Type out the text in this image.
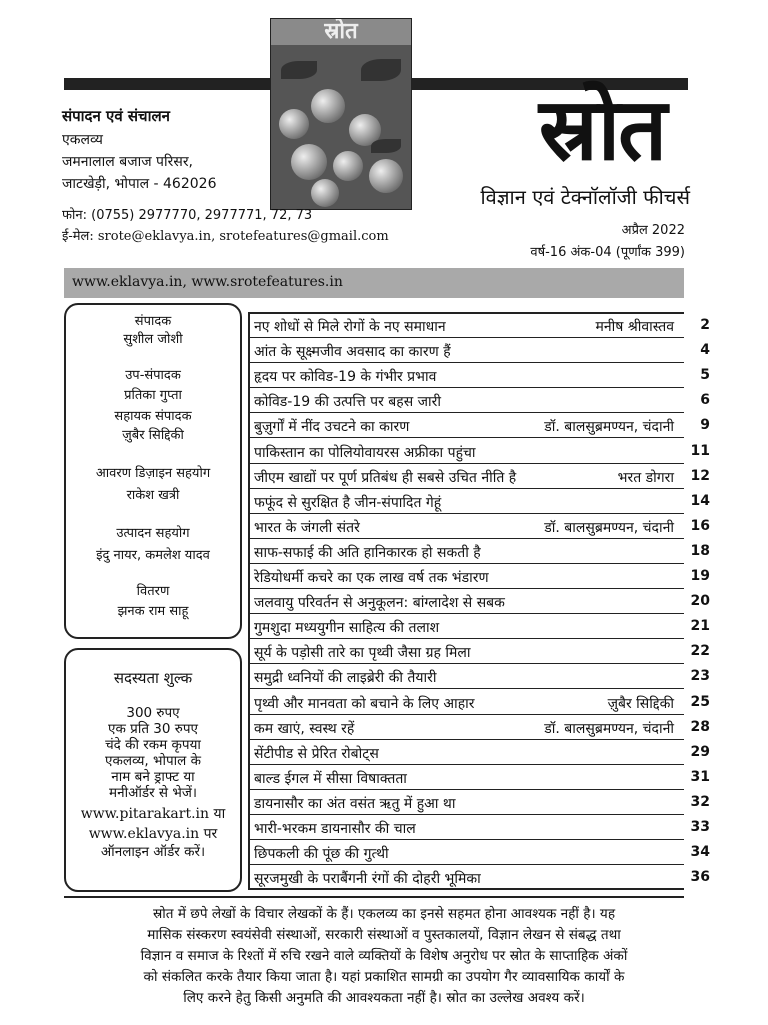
स्रोत
स्रोत
विज्ञान एवं टेक्नॉलॉजी फीचर्स
अप्रैल 2022
वर्ष-16 अंक-04 (पूर्णांक 399)
संपादन एवं संचालन
एकलव्य
जमनालाल बजाज परिसर,
जाटखेड़ी, भोपाल - 462026
फोन: (0755) 2977770, 2977771, 72, 73
ई-मेल: srote@eklavya.in, srotefeatures@gmail.com
www.eklavya.in, www.srotefeatures.in
संपादक
सुशील जोशी
उप-संपादक
प्रतिका गुप्ता
सहायक संपादक
ज़ुबैर सिद्दिकी
आवरण डिज़ाइन सहयोग
राकेश खत्री
उत्पादन सहयोग
इंदु नायर, कमलेश यादव
वितरण
झनक राम साहू
सदस्यता शुल्क
300 रुपए
एक प्रति 30 रुपए
चंदे की रकम कृपया
एकलव्य, भोपाल के
नाम बने ड्राफ्ट या
मनीऑर्डर से भेजें।
www.pitarakart.in या
www.eklavya.in पर
ऑनलाइन ऑर्डर करें।
नए शोधों से मिले रोगों के नए समाधान	मनीष श्रीवास्तव	2
आंत के सूक्ष्मजीव अवसाद का कारण हैं	4
हृदय पर कोविड-19 के गंभीर प्रभाव	5
कोविड-19 की उत्पत्ति पर बहस जारी	6
बुज़ुर्गों में नींद उचटने का कारण	डॉ. बालसुब्रमण्यन, चंदानी	9
पाकिस्तान का पोलियोवायरस अफ्रीका पहुंचा	11
जीएम खाद्यों पर पूर्ण प्रतिबंध ही सबसे उचित नीति है	भरत डोगरा	12
फफूंद से सुरक्षित है जीन-संपादित गेहूं	14
भारत के जंगली संतरे	डॉ. बालसुब्रमण्यन, चंदानी	16
साफ-सफाई की अति हानिकारक हो सकती है	18
रेडियोधर्मी कचरे का एक लाख वर्ष तक भंडारण	19
जलवायु परिवर्तन से अनुकूलन: बांग्लादेश से सबक	20
गुमशुदा मध्ययुगीन साहित्य की तलाश	21
सूर्य के पड़ोसी तारे का पृथ्वी जैसा ग्रह मिला	22
समुद्री ध्वनियों की लाइब्रेरी की तैयारी	23
पृथ्वी और मानवता को बचाने के लिए आहार	ज़ुबैर सिद्दिकी	25
कम खाएं, स्वस्थ रहें	डॉ. बालसुब्रमण्यन, चंदानी	28
सेंटीपीड से प्रेरित रोबोट्स	29
बाल्ड ईगल में सीसा विषाक्तता	31
डायनासौर का अंत वसंत ऋतु में हुआ था	32
भारी-भरकम डायनासौर की चाल	33
छिपकली की पूंछ की गुत्थी	34
सूरजमुखी के पराबैंगनी रंगों की दोहरी भूमिका	36
स्रोत में छपे लेखों के विचार लेखकों के हैं। एकलव्य का इनसे सहमत होना आवश्यक नहीं है। यह
मासिक संस्करण स्वयंसेवी संस्थाओं, सरकारी संस्थाओं व पुस्तकालयों, विज्ञान लेखन से संबद्ध तथा
विज्ञान व समाज के रिश्तों में रुचि रखने वाले व्यक्तियों के विशेष अनुरोध पर स्रोत के साप्ताहिक अंकों
को संकलित करके तैयार किया जाता है। यहां प्रकाशित सामग्री का उपयोग गैर व्यावसायिक कार्यों के
लिए करने हेतु किसी अनुमति की आवश्यकता नहीं है। स्रोत का उल्लेख अवश्य करें।
